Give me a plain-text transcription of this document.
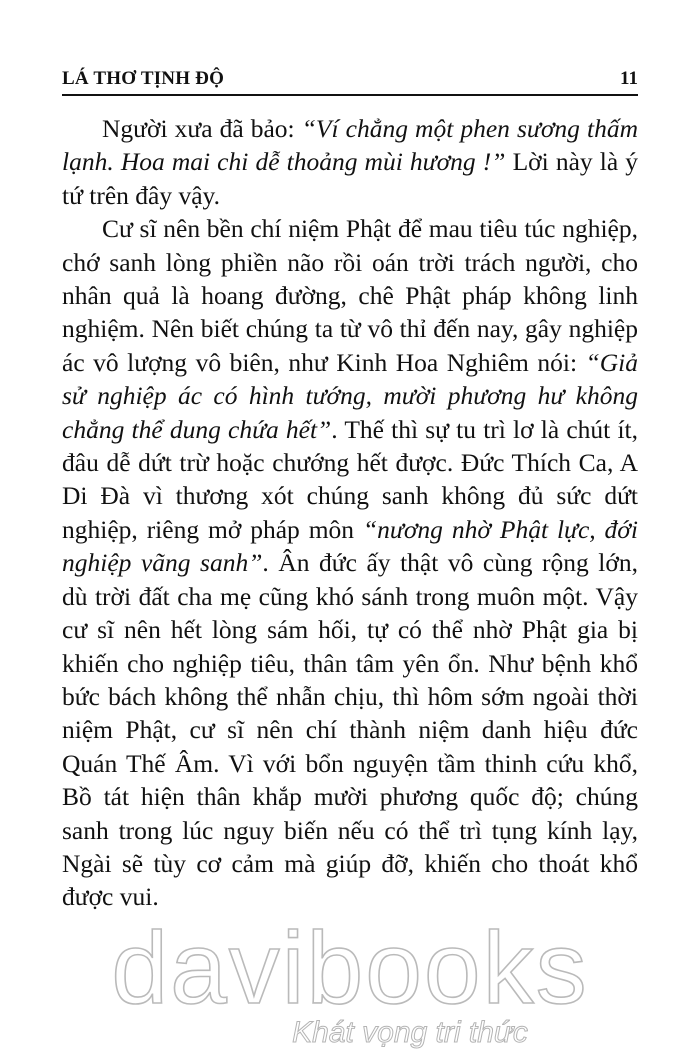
LÁ THƠ TỊNH ĐỘ	11

Người xưa đã bảo: “Ví chẳng một phen sương thấm lạnh. Hoa mai chi dễ thoảng mùi hương !” Lời này là ý tứ trên đây vậy.

Cư sĩ nên bền chí niệm Phật để mau tiêu túc nghiệp, chớ sanh lòng phiền não rồi oán trời trách người, cho nhân quả là hoang đường, chê Phật pháp không linh nghiệm. Nên biết chúng ta từ vô thỉ đến nay, gây nghiệp ác vô lượng vô biên, như Kinh Hoa Nghiêm nói: “Giả sử nghiệp ác có hình tướng, mười phương hư không chẳng thể dung chứa hết”. Thế thì sự tu trì lơ là chút ít, đâu dễ dứt trừ hoặc chướng hết được. Đức Thích Ca, A Di Đà vì thương xót chúng sanh không đủ sức dứt nghiệp, riêng mở pháp môn “nương nhờ Phật lực, đới nghiệp vãng sanh”. Ân đức ấy thật vô cùng rộng lớn, dù trời đất cha mẹ cũng khó sánh trong muôn một. Vậy cư sĩ nên hết lòng sám hối, tự có thể nhờ Phật gia bị khiến cho nghiệp tiêu, thân tâm yên ổn. Như bệnh khổ bức bách không thể nhẫn chịu, thì hôm sớm ngoài thời niệm Phật, cư sĩ nên chí thành niệm danh hiệu đức Quán Thế Âm. Vì với bổn nguyện tầm thinh cứu khổ, Bồ tát hiện thân khắp mười phương quốc độ; chúng sanh trong lúc nguy biến nếu có thể trì tụng kính lạy, Ngài sẽ tùy cơ cảm mà giúp đỡ, khiến cho thoát khổ được vui.

davibooks
Khát vọng tri thức
